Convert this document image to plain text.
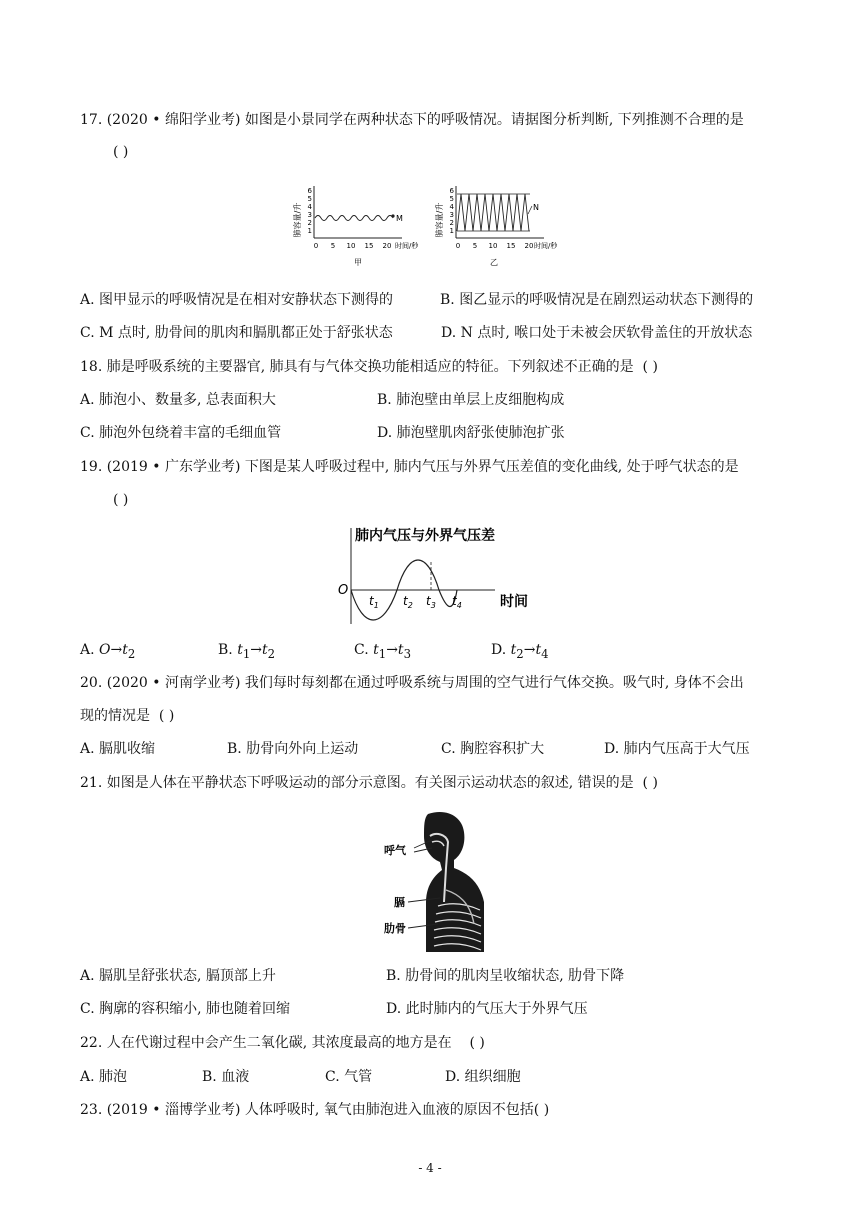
17. (2020 • 绵阳学业考) 如图是小景同学在两种状态下的呼吸情况。请据图分析判断, 下列推测不合理的是
( )
肺容量/升
6
5
4
3
2
1
M
0 5 10 15 20 时间/秒
甲
肺容量/升
6
5
4
3
2
1
N
0 5 10 15 20 时间/秒
乙
A. 图甲显示的呼吸情况是在相对安静状态下测得的	B. 图乙显示的呼吸情况是在剧烈运动状态下测得的
C. M 点时, 肋骨间的肌肉和膈肌都正处于舒张状态	D. N 点时, 喉口处于未被会厌软骨盖住的开放状态
18. 肺是呼吸系统的主要器官, 肺具有与气体交换功能相适应的特征。下列叙述不正确的是 ( )
A. 肺泡小、数量多, 总表面积大	B. 肺泡壁由单层上皮细胞构成
C. 肺泡外包绕着丰富的毛细血管	D. 肺泡壁肌肉舒张使肺泡扩张
19. (2019 • 广东学业考) 下图是某人呼吸过程中, 肺内气压与外界气压差值的变化曲线, 处于呼气状态的是
( )
肺内气压与外界气压差
O
$t_1$ $t_2$ $t_3$ $t_4$	时间
A. $O\to t_2$	B. $t_1\to t_2$	C. $t_1\to t_3$	D. $t_2\to t_4$
20. (2020 • 河南学业考) 我们每时每刻都在通过呼吸系统与周围的空气进行气体交换。吸气时, 身体不会出
现的情况是 ( )
A. 膈肌收缩	B. 肋骨向外向上运动	C. 胸腔容积扩大	D. 肺内气压高于大气压
21. 如图是人体在平静状态下呼吸运动的部分示意图。有关图示运动状态的叙述, 错误的是 ( )
呼气
膈
肋骨
A. 膈肌呈舒张状态, 膈顶部上升	B. 肋骨间的肌肉呈收缩状态, 肋骨下降
C. 胸廓的容积缩小, 肺也随着回缩	D. 此时肺内的气压大于外界气压
22. 人在代谢过程中会产生二氧化碳, 其浓度最高的地方是在 ( )
A. 肺泡	B. 血液	C. 气管	D. 组织细胞
23. (2019 • 淄博学业考) 人体呼吸时, 氧气由肺泡进入血液的原因不包括( )
- 4 -
